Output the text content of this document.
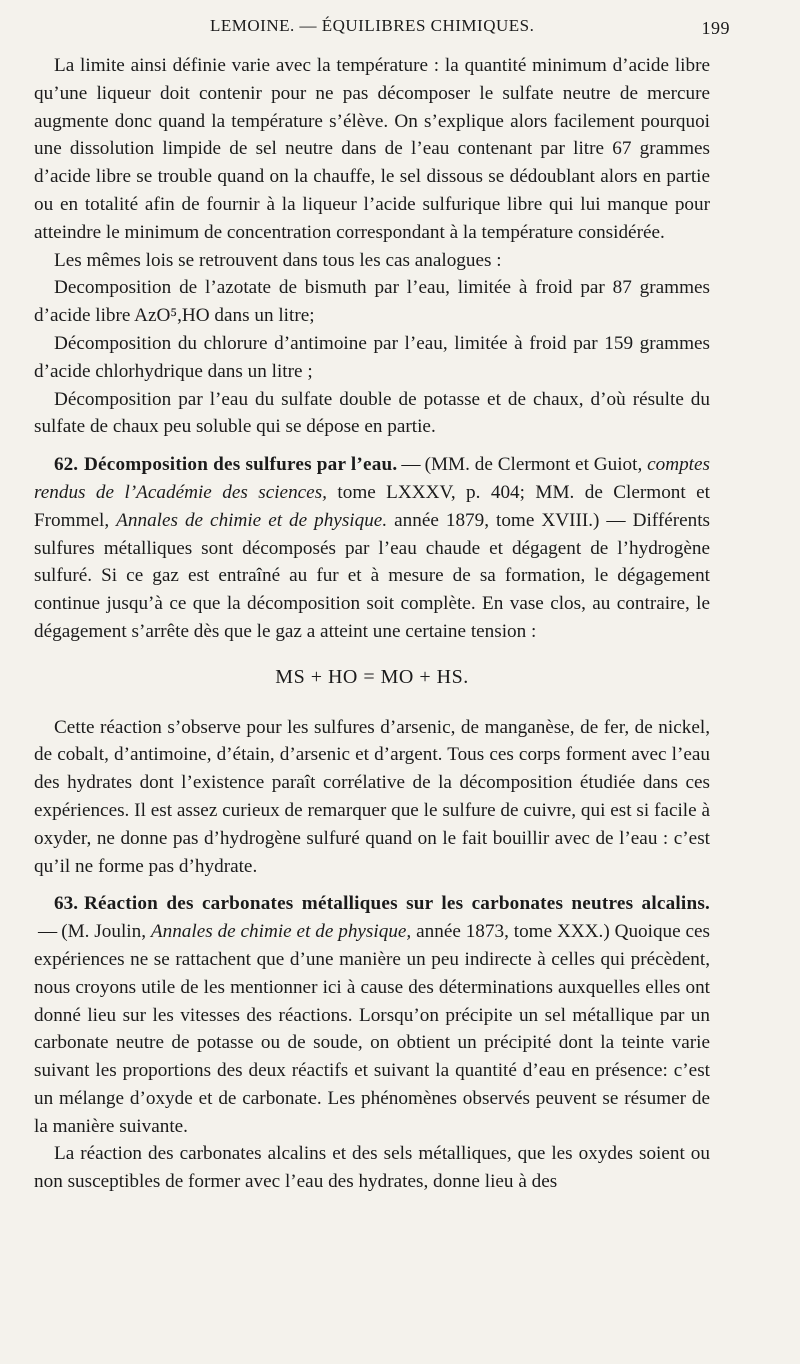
LEMOINE. — ÉQUILIBRES CHIMIQUES.	199

La limite ainsi définie varie avec la température : la quantité minimum d’acide libre qu’une liqueur doit contenir pour ne pas décomposer le sulfate neutre de mercure augmente donc quand la température s’élève. On s’explique alors facilement pourquoi une dissolution limpide de sel neutre dans de l’eau contenant par litre 67 grammes d’acide libre se trouble quand on la chauffe, le sel dissous se dédoublant alors en partie ou en totalité afin de fournir à la liqueur l’acide sulfurique libre qui lui manque pour atteindre le minimum de concentration correspondant à la température considérée.

Les mêmes lois se retrouvent dans tous les cas analogues :

Decomposition de l’azotate de bismuth par l’eau, limitée à froid par 87 grammes d’acide libre AzO⁵,HO dans un litre;

Décomposition du chlorure d’antimoine par l’eau, limitée à froid par 159 grammes d’acide chlorhydrique dans un litre ;

Décomposition par l’eau du sulfate double de potasse et de chaux, d’où résulte du sulfate de chaux peu soluble qui se dépose en partie.

62. Décomposition des sulfures par l’eau. — (MM. de Clermont et Guiot, comptes rendus de l’Académie des sciences, tome LXXXV, p. 404; MM. de Clermont et Frommel, Annales de chimie et de physique. année 1879, tome XVIII.) — Différents sulfures métalliques sont décomposés par l’eau chaude et dégagent de l’hydrogène sulfuré. Si ce gaz est entraîné au fur et à mesure de sa formation, le dégagement continue jusqu’à ce que la décomposition soit complète. En vase clos, au contraire, le dégagement s’arrête dès que le gaz a atteint une certaine tension :

MS + HO = MO + HS.

Cette réaction s’observe pour les sulfures d’arsenic, de manganèse, de fer, de nickel, de cobalt, d’antimoine, d’étain, d’arsenic et d’argent. Tous ces corps forment avec l’eau des hydrates dont l’existence paraît corrélative de la décomposition étudiée dans ces expériences. Il est assez curieux de remarquer que le sulfure de cuivre, qui est si facile à oxyder, ne donne pas d’hydrogène sulfuré quand on le fait bouillir avec de l’eau : c’est qu’il ne forme pas d’hydrate.

63. Réaction des carbonates métalliques sur les carbonates neutres alcalins.— (M. Joulin, Annales de chimie et de physique, année 1873, tome XXX.) Quoique ces expériences ne se rattachent que d’une manière un peu indirecte à celles qui précèdent, nous croyons utile de les mentionner ici à cause des déterminations auxquelles elles ont donné lieu sur les vitesses des réactions. Lorsqu’on précipite un sel métallique par un carbonate neutre de potasse ou de soude, on obtient un précipité dont la teinte varie suivant les proportions des deux réactifs et suivant la quantité d’eau en présence: c’est un mélange d’oxyde et de carbonate. Les phénomènes observés peuvent se résumer de la manière suivante.

La réaction des carbonates alcalins et des sels métalliques, que les oxydes soient ou non susceptibles de former avec l’eau des hydrates, donne lieu à des
